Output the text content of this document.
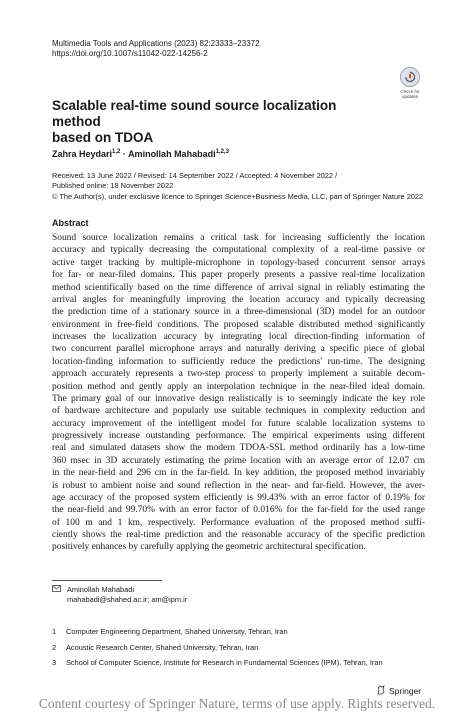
Multimedia Tools and Applications (2023) 82:23333–23372
https://doi.org/10.1007/s11042-022-14256-2
Check for
updates
Scalable real-time sound source localization method
based on TDOA
Zahra Heydari$^{1,2}$ · Aminollah Mahabadi$^{1,2,3}$
Received: 13 June 2022 / Revised: 14 September 2022 / Accepted: 4 November 2022 /
Published online: 18 November 2022
© The Author(s), under exclusive licence to Springer Science+Business Media, LLC, part of Springer Nature 2022
Abstract
Sound source localization remains a critical task for increasing sufficiently the location
accuracy and typically decreasing the computational complexity of a real-time passive or
active target tracking by multiple-microphone in topology-based concurrent sensor arrays
for far- or near-filed domains. This paper properly presents a passive real-time localization
method scientifically based on the time difference of arrival signal in reliably estimating the
arrival angles for meaningfully improving the location accuracy and typically decreasing
the prediction time of a stationary source in a three-dimensional (3D) model for an outdoor
environment in free-field conditions. The proposed scalable distributed method significantly
increases the localization accuracy by integrating local direction-finding information of
two concurrent parallel microphone arrays and naturally deriving a specific piece of global
location-finding information to sufficiently reduce the predictions' run-time. The designing
approach accurately represents a two-step process to properly implement a suitable decom-
position method and gently apply an interpolation technique in the near-filed ideal domain.
The primary goal of our innovative design realistically is to seemingly indicate the key role
of hardware architecture and popularly use suitable techniques in complexity reduction and
accuracy improvement of the intelligent model for future scalable localization systems to
progressively increase outstanding performance. The empirical experiments using different
real and simulated datasets show the modern TDOA-SSL method ordinarily has a low-time
360 msec in 3D accurately estimating the prime location with an average error of 12.07 cm
in the near-field and 296 cm in the far-field. In key addition, the proposed method invariably
is robust to ambient noise and sound reflection in the near- and far-field. However, the aver-
age accuracy of the proposed system efficiently is 99.43% with an error factor of 0.19% for
the near-field and 99.70% with an error factor of 0.016% for the far-field for the used range
of 100 m and 1 km, respectively. Performance evaluation of the proposed method suffi-
ciently shows the real-time prediction and the reasonable accuracy of the specific prediction
positively enhances by carefully applying the geometric architectural specification.
Aminollah Mahabadi
mahabadi@shahed.ac.ir; am@ipm.ir
1 Computer Engineering Department, Shahed University, Tehran, Iran
2 Acoustic Research Center, Shahed University, Tehran, Iran
3 School of Computer Science, Institute for Research in Fundamental Sciences (IPM), Tehran, Iran
Springer
Content courtesy of Springer Nature, terms of use apply. Rights reserved.
